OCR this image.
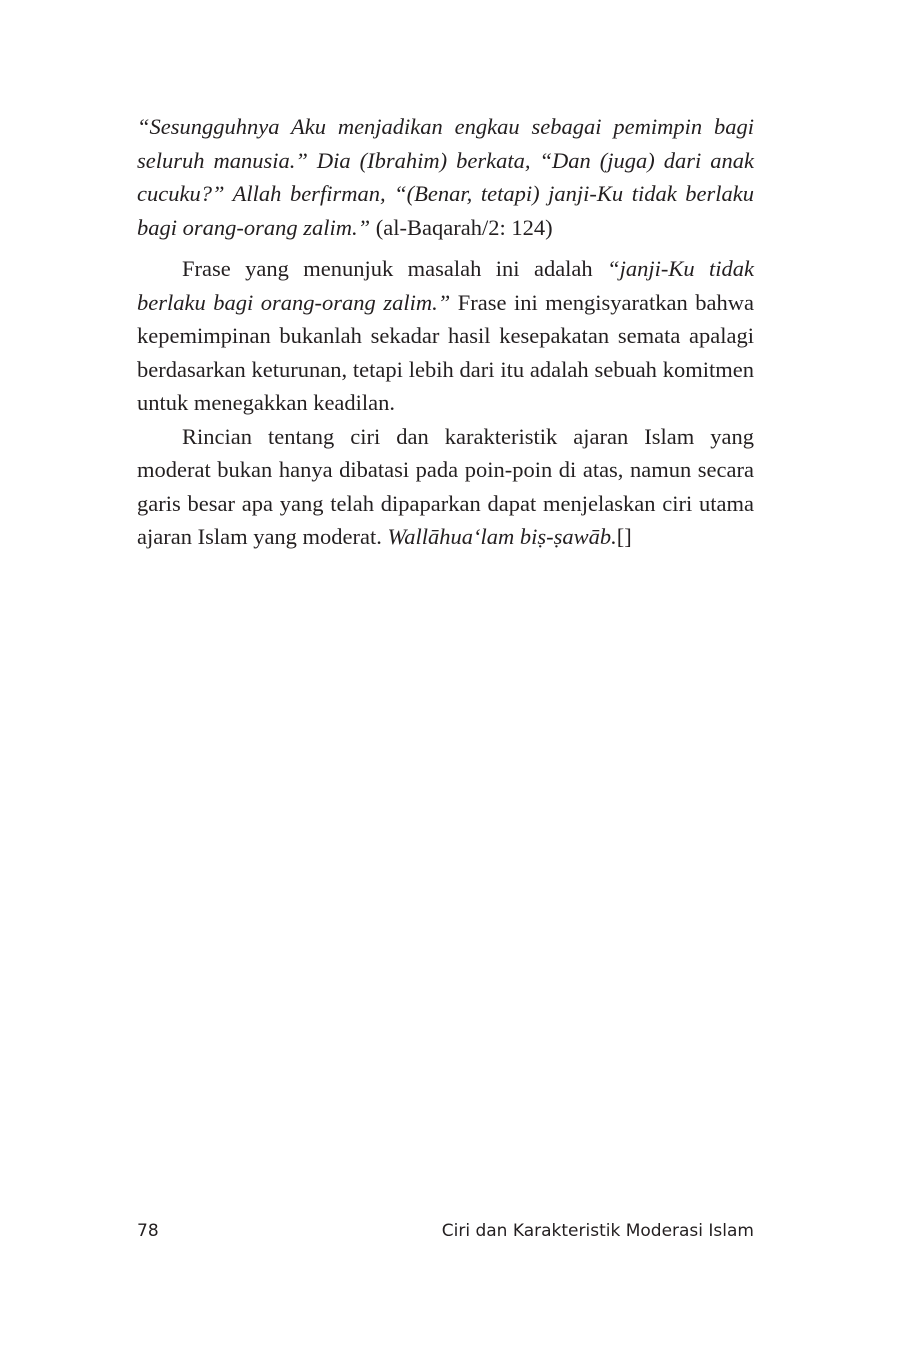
“Sesungguhnya Aku menjadikan engkau sebagai pemimpin bagi seluruh manusia.” Dia (Ibrahim) berkata, “Dan (juga) dari anak cucuku?” Allah berfirman, “(Benar, tetapi) janji-Ku tidak berlaku bagi orang-orang zalim.” (al-Baqarah/2: 124)

Frase yang menunjuk masalah ini adalah “janji-Ku tidak berlaku bagi orang-orang zalim.” Frase ini mengisyaratkan bahwa kepemimpinan bukanlah sekadar hasil kesepakatan semata apalagi berdasarkan keturunan, tetapi lebih dari itu adalah sebuah komitmen untuk menegakkan keadilan.

Rincian tentang ciri dan karakteristik ajaran Islam yang moderat bukan hanya dibatasi pada poin-poin di atas, namun secara garis besar apa yang telah dipaparkan dapat menjelaskan ciri utama ajaran Islam yang moderat. Wallāhua‘lam biṣ-ṣawāb.[]

78	Ciri dan Karakteristik Moderasi Islam
